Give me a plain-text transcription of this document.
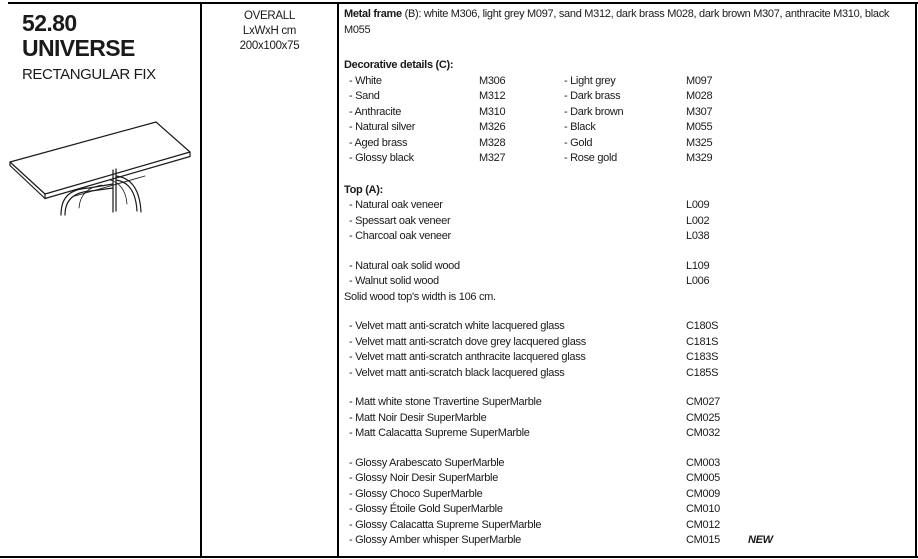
52.80
UNIVERSE
RECTANGULAR FIX
OVERALL
LxWxH cm
200x100x75
Metal frame (B): white M306, light grey M097, sand M312, dark brass M028, dark brown M307, anthracite M310, black M055
Decorative details (C):
- White	M306	- Light grey	M097
- Sand	M312	- Dark brass	M028
- Anthracite	M310	- Dark brown	M307
- Natural silver	M326	- Black	M055
- Aged brass	M328	- Gold	M325
- Glossy black	M327	- Rose gold	M329
Top (A):
- Natural oak veneer	L009
- Spessart oak veneer	L002
- Charcoal oak veneer	L038
- Natural oak solid wood	L109
- Walnut solid wood	L006
Solid wood top's width is 106 cm.
- Velvet matt anti-scratch white lacquered glass	C180S
- Velvet matt anti-scratch dove grey lacquered glass	C181S
- Velvet matt anti-scratch anthracite lacquered glass	C183S
- Velvet matt anti-scratch black lacquered glass	C185S
- Matt white stone Travertine SuperMarble	CM027
- Matt Noir Desir SuperMarble	CM025
- Matt Calacatta Supreme SuperMarble	CM032
- Glossy Arabescato SuperMarble	CM003
- Glossy Noir Desir SuperMarble	CM005
- Glossy Choco SuperMarble	CM009
- Glossy Étoile Gold SuperMarble	CM010
- Glossy Calacatta Supreme SuperMarble	CM012
- Glossy Amber whisper SuperMarble	CM015	NEW
